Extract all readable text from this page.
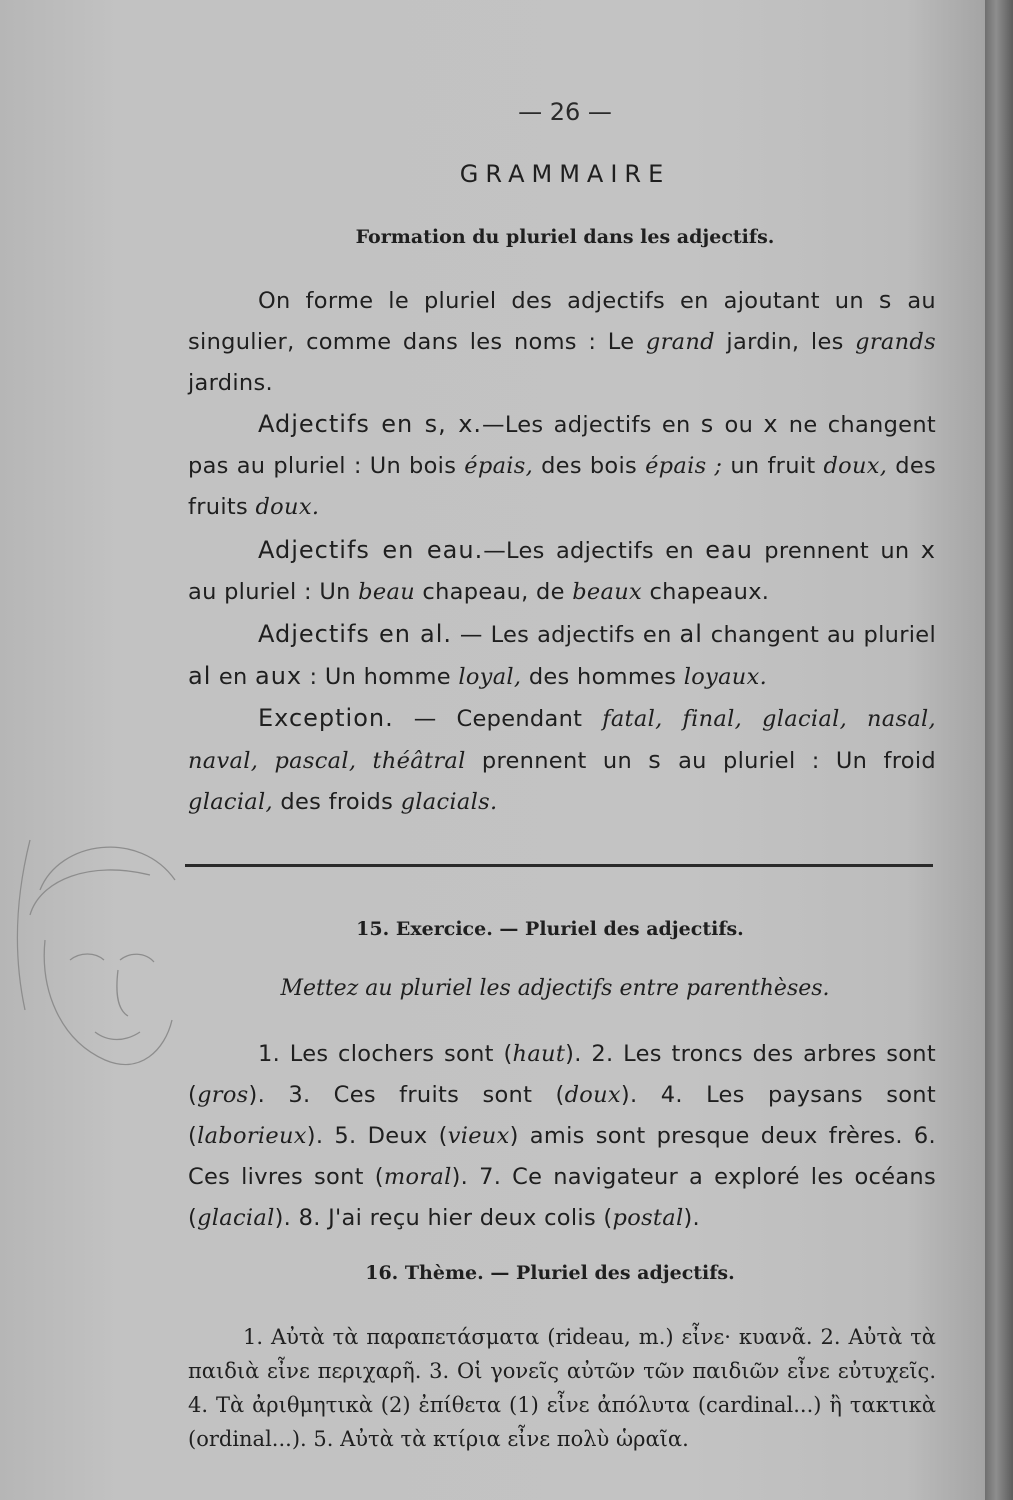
— 26 —
GRAMMAIRE
Formation du pluriel dans les adjectifs.
On forme le pluriel des adjectifs en ajoutant un s au singulier, comme dans les noms : Le grand jardin, les grands jardins.
Adjectifs en s, x.—Les adjectifs en s ou x ne changent pas au pluriel : Un bois épais, des bois épais ; un fruit doux, des fruits doux.
Adjectifs en eau.—Les adjectifs en eau prennent un x au pluriel : Un beau chapeau, de beaux chapeaux.
Adjectifs en al. — Les adjectifs en al changent au pluriel al en aux : Un homme loyal, des hommes loyaux.
Exception. — Cependant fatal, final, glacial, nasal, naval, pascal, théâtral prennent un s au pluriel : Un froid glacial, des froids glacials.
15. Exercice. — Pluriel des adjectifs.
Mettez au pluriel les adjectifs entre parenthèses.
1. Les clochers sont (haut). 2. Les troncs des arbres sont (gros). 3. Ces fruits sont (doux). 4. Les paysans sont (laborieux). 5. Deux (vieux) amis sont presque deux frères. 6. Ces livres sont (moral). 7. Ce navigateur a exploré les océans (glacial). 8. J'ai reçu hier deux colis (postal).
16. Thème. — Pluriel des adjectifs.
1. Αὐτὰ τὰ παραπετάσματα (rideau, m.) εἶνε· κυανᾶ. 2. Αὐτὰ τὰ παιδιὰ εἶνε περιχαρῆ. 3. Οἱ γονεῖς αὐτῶν τῶν παιδιῶν εἶνε εὐτυχεῖς. 4. Τὰ ἀριθμητικὰ (2) ἐπίθετα (1) εἶνε ἀπόλυτα (cardinal...) ἢ τακτικὰ (ordinal...). 5. Αὐτὰ τὰ κτίρια εἶνε πολὺ ὡραῖα.
